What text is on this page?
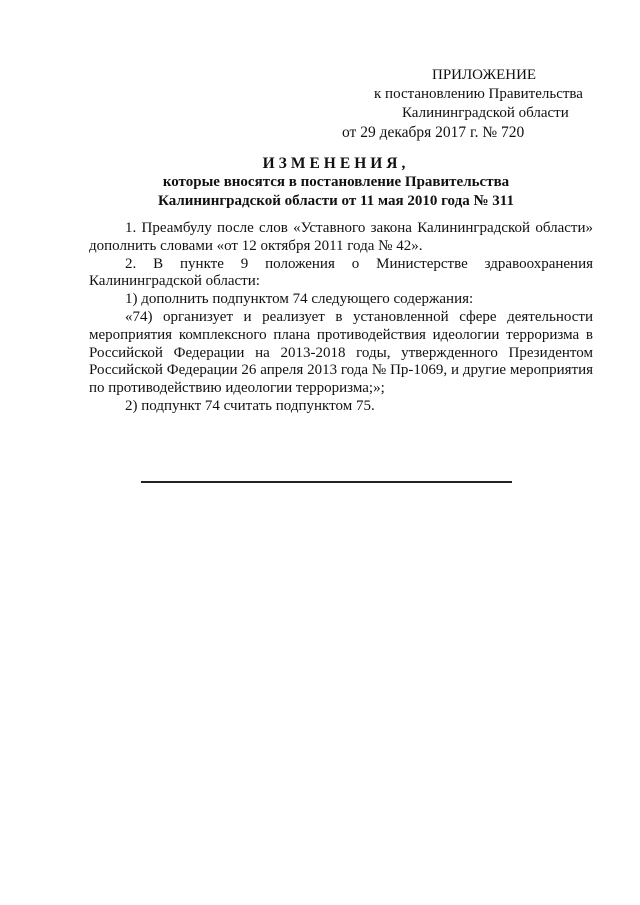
ПРИЛОЖЕНИЕ
к постановлению Правительства
Калининградской области
от 29 декабря 2017 г. № 720
ИЗМЕНЕНИЯ,
которые вносятся в постановление Правительства
Калининградской области от 11 мая 2010 года № 311

1. Преамбулу после слов «Уставного закона Калининградской области» дополнить словами «от 12 октября 2011 года № 42».

2. В пункте 9 положения о Министерстве здравоохранения Калининградской области:

1) дополнить подпунктом 74 следующего содержания:

«74) организует и реализует в установленной сфере деятельности мероприятия комплексного плана противодействия идеологии терроризма в Российской Федерации на 2013-2018 годы, утвержденного Президентом Российской Федерации 26 апреля 2013 года № Пр-1069, и другие мероприятия по противодействию идеологии терроризма;»;

2) подпункт 74 считать подпунктом 75.
